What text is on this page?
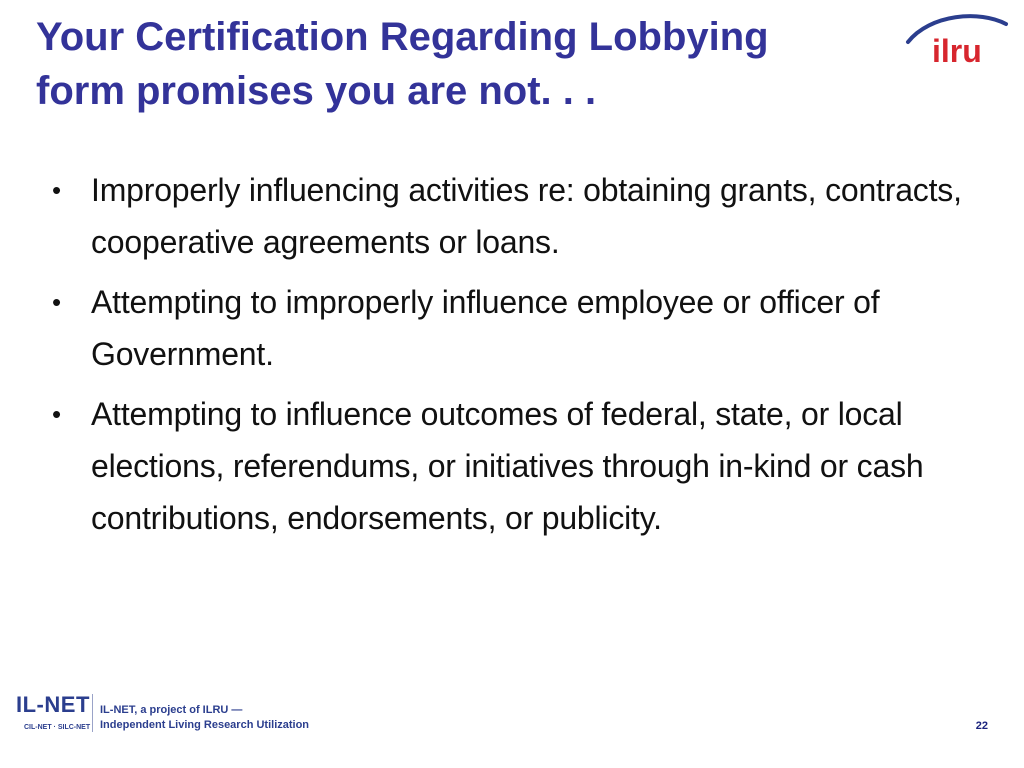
Your Certification Regarding Lobbying
form promises you are not. . .
ilru
• Improperly influencing activities re: obtaining grants, contracts, cooperative agreements or loans.
• Attempting to improperly influence employee or officer of Government.
• Attempting to influence outcomes of federal, state, or local elections, referendums, or initiatives through in-kind or cash contributions, endorsements, or publicity.
IL-NET
CIL-NET · SILC-NET
IL-NET, a project of ILRU —
Independent Living Research Utilization	22
